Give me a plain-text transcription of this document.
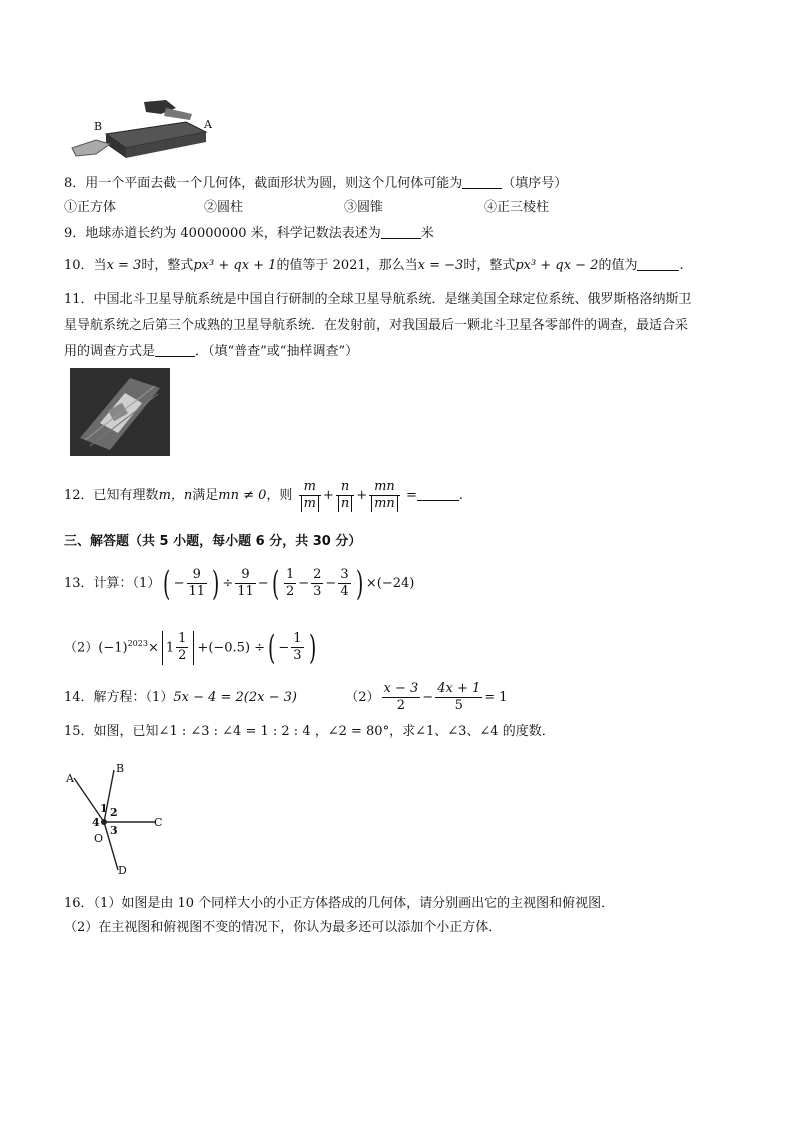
B	A
8．用一个平面去截一个几何体，截面形状为圆，则这个几何体可能为	（填序号）
①正方体	②圆柱	③圆锥	④正三棱柱
9．地球赤道长约为 40000000 米，科学记数法表述为	米
10．当x = 3时，整式px³ + qx + 1的值等于 2021，那么当x = −3时，整式px³ + qx − 2的值为	.
11．中国北斗卫星导航系统是中国自行研制的全球卫星导航系统．是继美国全球定位系统、俄罗斯格洛纳斯卫
星导航系统之后第三个成熟的卫星导航系统．在发射前，对我国最后一颗北斗卫星各零部件的调查，最适合采
用的调查方式是	．（填“普查”或“抽样调查”）
12．已知有理数m，n满足mn ≠ 0，则 $\frac{m}{m} + \frac{n}{n} + \frac{mn}{mn}$ =	.
三、解答题（共 5 小题，每小题 6 分，共 30 分）
13．计算：$(1)( - \frac{9}{11}$ ) ÷ $\frac{9}{11}$ −( $\frac{1}{2} - \frac{2}{3} - \frac{3}{4}$ ) ×(−24)
$(2)(-1)^{2023}\times 1 \frac{1}{2} +(-0.5)$ ÷( − $\frac{1}{3}$ )
14．解方程：（1）5x − 4 = 2(2x − 3)	$(2) \frac{x - 3}{2} - \frac{4x + 1}{5} = 1$
15．如图，已知∠1 : ∠3 : ∠4 = 1 : 2 : 4 ，∠2 = 80°，求∠1、∠3、∠4 的度数．
A
B
C
D
O
1 2
3
4
16．（1）如图是由 10 个同样大小的小正方体搭成的几何体，请分别画出它的主视图和俯视图．
（2）在主视图和俯视图不变的情况下，你认为最多还可以添加个小正方体．
